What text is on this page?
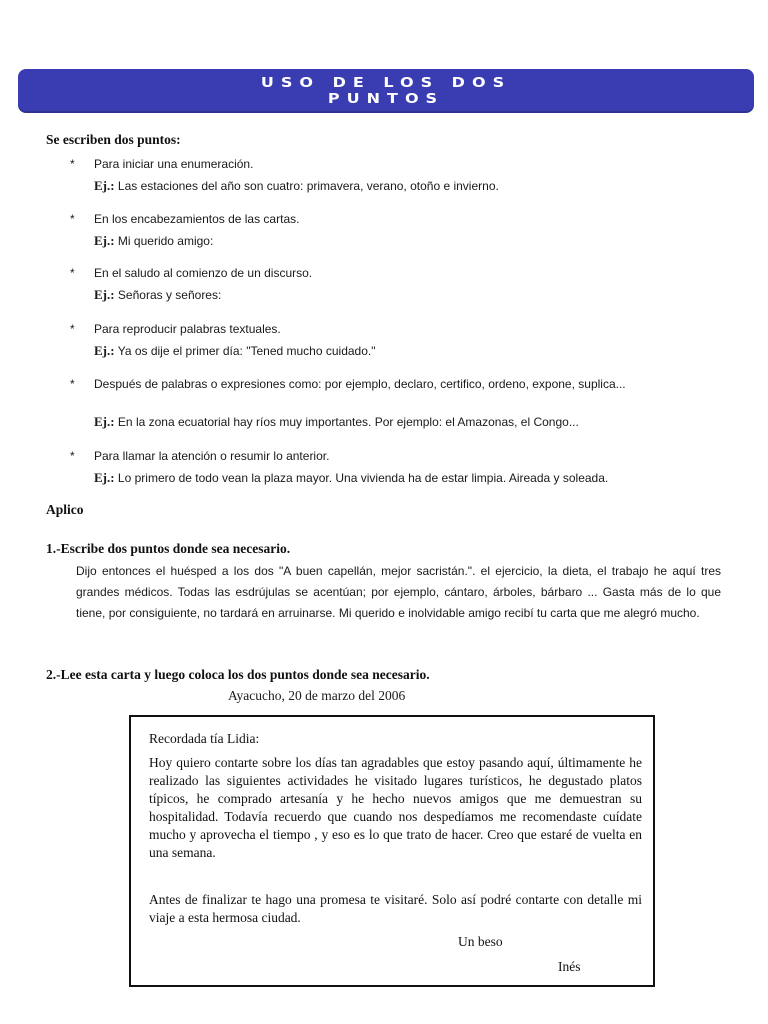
USO DE LOS DOS
PUNTOS
Se escriben dos puntos:
* Para iniciar una enumeración.
Ej.: Las estaciones del año son cuatro: primavera, verano, otoño e invierno.
* En los encabezamientos de las cartas.
Ej.: Mi querido amigo:
* En el saludo al comienzo de un discurso.
Ej.: Señoras y señores:
* Para reproducir palabras textuales.
Ej.: Ya os dije el primer día: "Tened mucho cuidado."
* Después de palabras o expresiones como: por ejemplo, declaro, certifico, ordeno, expone, suplica...
Ej.: En la zona ecuatorial hay ríos muy importantes. Por ejemplo: el Amazonas, el Congo...
* Para llamar la atención o resumir lo anterior.
Ej.: Lo primero de todo vean la plaza mayor. Una vivienda ha de estar limpia. Aireada y soleada.
Aplico
1.-Escribe dos puntos donde sea necesario.
Dijo entonces el huésped a los dos "A buen capellán, mejor sacristán.". el ejercicio, la dieta, el trabajo he aquí tres grandes médicos. Todas las esdrújulas se acentúan; por ejemplo, cántaro, árboles, bárbaro ... Gasta más de lo que tiene, por consiguiente, no tardará en arruinarse. Mi querido e inolvidable amigo recibí tu carta que me alegró mucho.
2.-Lee esta carta y luego coloca los dos puntos donde sea necesario.
Ayacucho, 20 de marzo del 2006
Recordada tía Lidia:
Hoy quiero contarte sobre los días tan agradables que estoy pasando aquí, últimamente he realizado las siguientes actividades he visitado lugares turísticos, he degustado platos típicos, he comprado artesanía y he hecho nuevos amigos que me demuestran su hospitalidad. Todavía recuerdo que cuando nos despedíamos me recomendaste cuídate mucho y aprovecha el tiempo , y eso es lo que trato de hacer. Creo que estaré de vuelta en una semana.
Antes de finalizar te hago una promesa te visitaré. Solo así podré contarte con detalle mi viaje a esta hermosa ciudad.
Un beso
Inés
